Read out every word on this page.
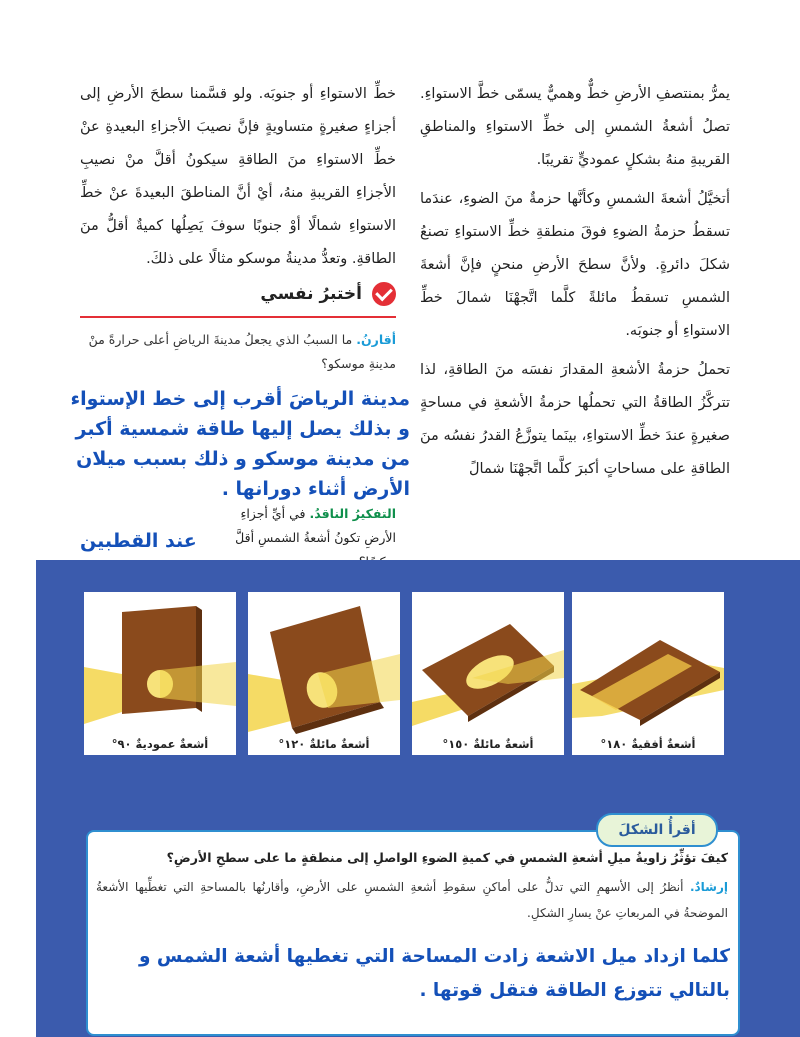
يمرُّ بمنتصفِ الأرضِ خطٌّ وهميٌّ يسمّى خطَّ الاستواءِ. تصلُ أشعةُ الشمسِ إلى خطِّ الاستواءِ والمناطقِ القريبةِ منهُ بشكلٍ عموديٍّ تقريبًا.

أتخيَّلُ أشعةَ الشمسِ وكأنَّها حزمةٌ منَ الضوءِ، عندَما تسقطُ حزمةُ الضوءِ فوقَ منطقةِ خطِّ الاستواءِ تصنعُ شكلَ دائرةٍ. ولأنَّ سطحَ الأرضِ منحنٍ فإنَّ أشعةَ الشمسِ تسقطُ مائلةً كلَّما اتَّجهْنَا شمالَ خطِّ الاستواءِ أو جنوبَه.

تحملُ حزمةُ الأشعةِ المقدارَ نفسَه منَ الطاقةِ، لذا تتركَّزُ الطاقةُ التي تحملُها حزمةُ الأشعةِ في مساحةٍ صغيرةٍ عندَ خطِّ الاستواءِ، بينَما يتوزَّعُ القدرُ نفسُه منَ الطاقةِ على مساحاتٍ أكبرَ كلَّما اتَّجهْنَا شمالً

خطِّ الاستواءِ أو جنوبَه. ولو قسَّمنا سطحَ الأرضِ إلى أجزاءٍ صغيرةٍ متساويةٍ فإنَّ نصيبَ الأجزاءِ البعيدةِ عنْ خطِّ الاستواءِ منَ الطاقةِ سيكونُ أقلَّ منْ نصيبِ الأجزاءِ القريبةِ منهُ، أيْ أنَّ المناطقَ البعيدةَ عنْ خطِّ الاستواءِ شمالًا أوْ جنوبًا سوفَ يَصِلُها كميةٌ أقلُّ منَ الطاقةِ. وتعدُّ مدينةُ موسكو مثالًا على ذلكَ.

أختبرُ نفسي
أقارنُ. ما السببُ الذي يجعلُ مدينةَ الرياضِ أعلى حرارةً منْ مدينةِ موسكو؟
مدينة الرياضَ أقرب إلى خط الإستواء و بذلك يصل إليها طاقة شمسية أكبر من مدينة موسكو و ذلك بسبب ميلان الأرض أثناء دورانها .
التفكيرُ الناقدُ. في أيِّ أجزاءِ الأرضِ تكونُ أشعةُ الشمسِ أقلَّ
عند القطبين
أشعةٌ عموديةٌ ٩٠°	أشعةٌ مائلةٌ ١٢٠°	أشعةٌ مائلةٌ ١٥٠°	أشعةٌ أفقيةٌ ١٨٠°
أقرأُ الشكلَ
كيفَ تؤثِّرُ زاويةُ ميلِ أشعةِ الشمسِ في كميةِ الضوءِ الواصلِ إلى منطقةٍ ما على سطحِ الأرضِ؟
إرشادٌ. أنظرُ إلى الأسهمِ التي تدلُّ على أماكنِ سقوطِ أشعةِ الشمسِ على الأرضِ، وأقارنُها بالمساحةِ التي تغطِّيها الأشعةُ الموضحةُ في المربعاتِ عنْ يسارِ الشكلِ.
كلما ازداد ميل الاشعة زادت المساحة التي تغطيها أشعة الشمس و بالتالي تتوزع الطاقة فتقل قوتها .
